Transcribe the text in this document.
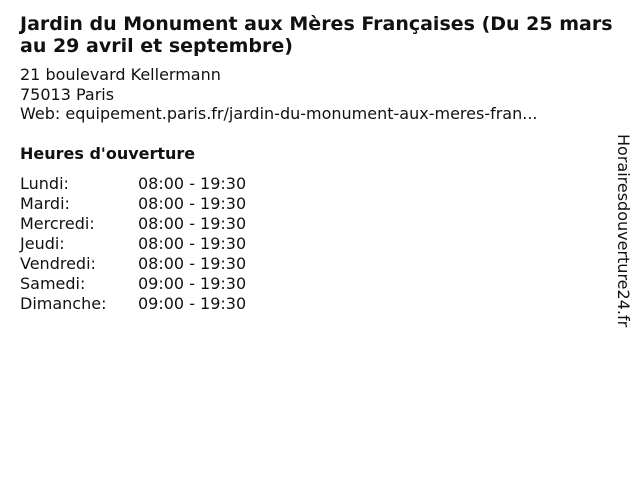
Jardin du Monument aux Mères Françaises (Du 25 mars au 29 avril et septembre)
21 boulevard Kellermann
75013 Paris
Web: equipement.paris.fr/jardin-du-monument-aux-meres-fran...
Heures d'ouverture
Lundi:	08:00 - 19:30
Mardi:	08:00 - 19:30
Mercredi:	08:00 - 19:30
Jeudi:	08:00 - 19:30
Vendredi:	08:00 - 19:30
Samedi:	09:00 - 19:30
Dimanche:	09:00 - 19:30	Horairesdouverture24.fr
